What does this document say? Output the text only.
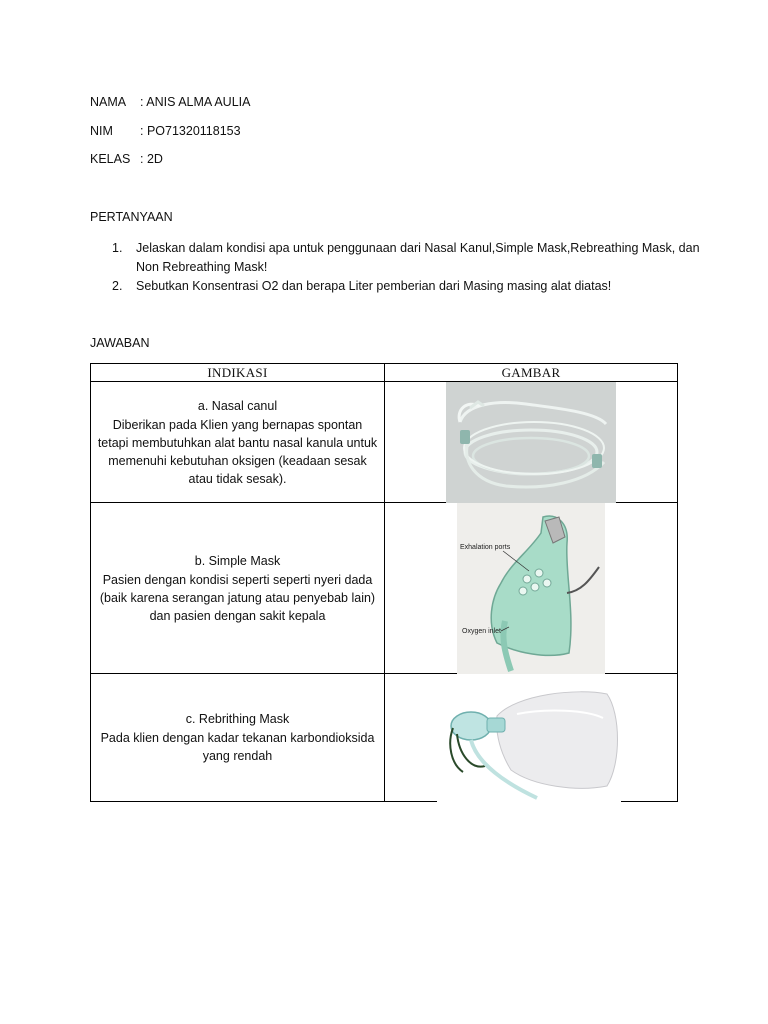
NAMA : ANIS ALMA AULIA
NIM : PO71320118153
KELAS : 2D
PERTANYAAN
1. Jelaskan dalam kondisi apa untuk penggunaan dari Nasal Kanul,Simple Mask,Rebreathing Mask, dan Non Rebreathing Mask!
2. Sebutkan Konsentrasi O2 dan berapa Liter pemberian dari Masing masing alat diatas!
JAWABAN
INDIKASI	GAMBAR

a. Nasal canul
Diberikan pada Klien yang bernapas spontan tetapi membutuhkan alat bantu nasal kanula untuk memenuhi kebutuhan oksigen (keadaan sesak atau tidak sesak).

b. Simple Mask
Pasien dengan kondisi seperti seperti nyeri dada (baik karena serangan jatung atau penyebab lain) dan pasien dengan sakit kepala	Exhalation ports
Oxygen inlet

c. Rebrithing Mask
Pada klien dengan kadar tekanan karbondioksida yang rendah
